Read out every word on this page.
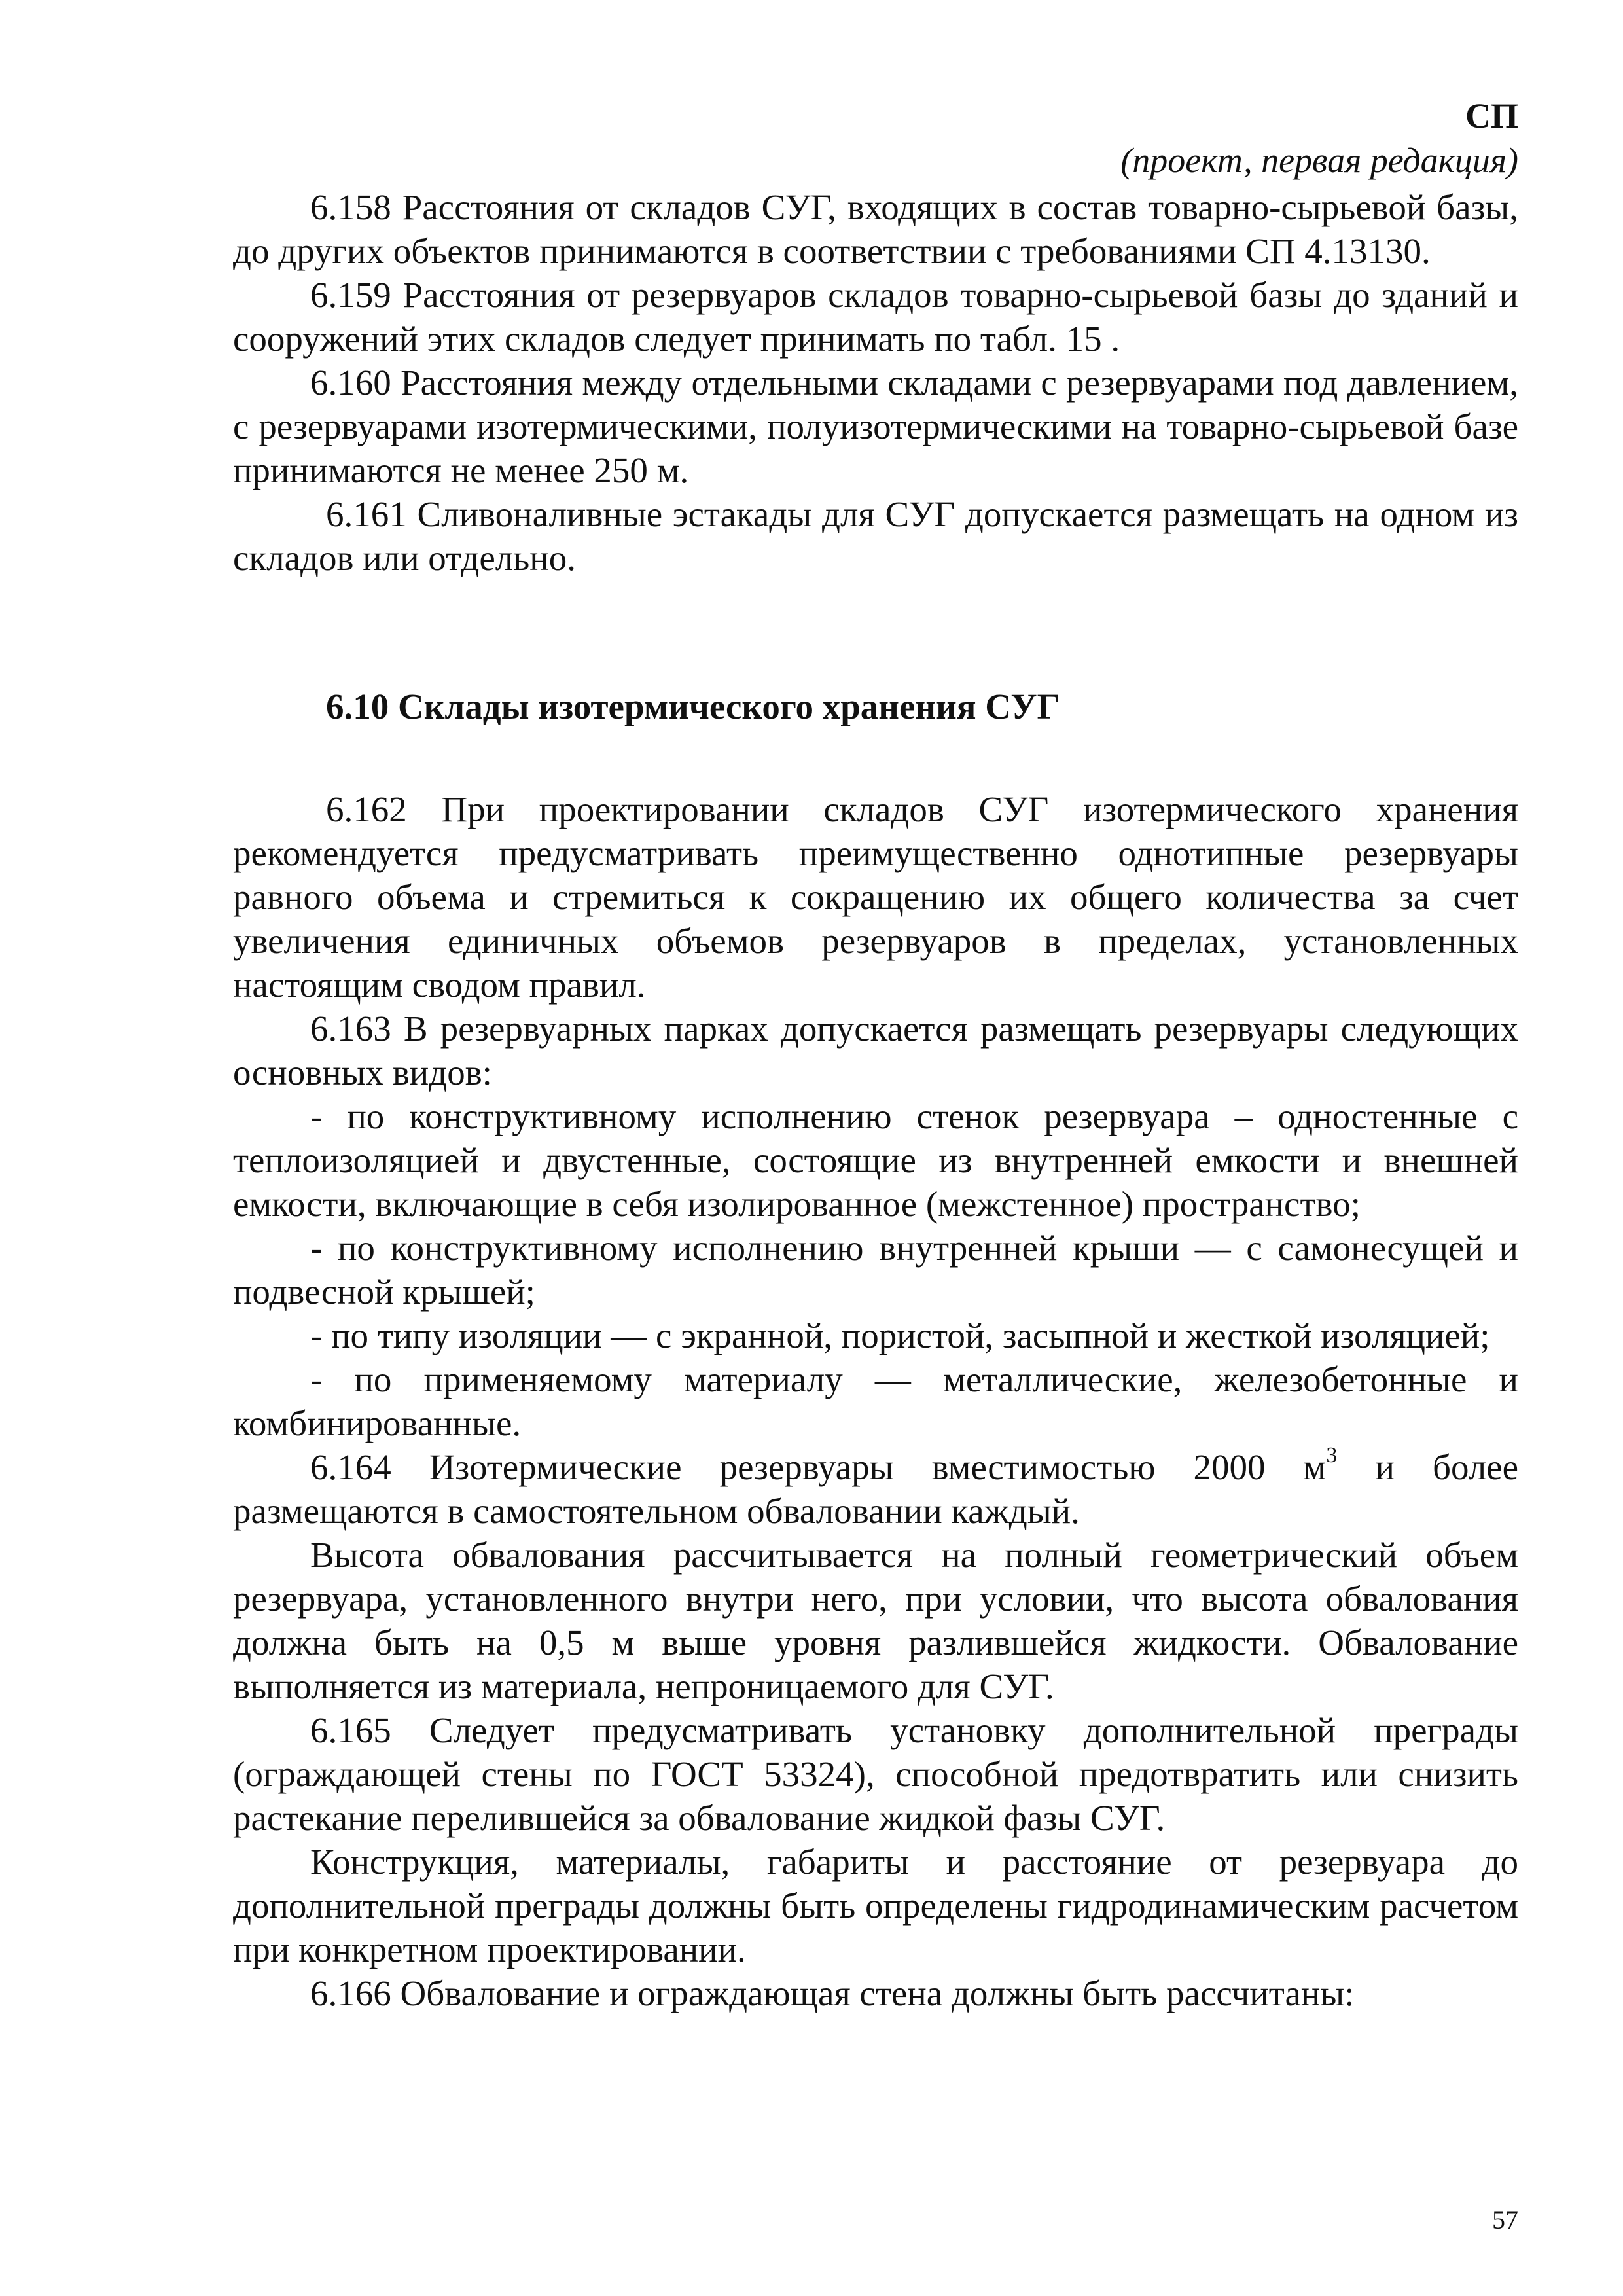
СП
(проект, первая редакция)

6.158 Расстояния от складов СУГ, входящих в состав товарно-сырьевой базы, до других объектов принимаются в соответствии с требованиями СП 4.13130.

6.159 Расстояния от резервуаров складов товарно-сырьевой базы до зданий и сооружений этих складов следует принимать по табл. 15 .

6.160 Расстояния между отдельными складами с резервуарами под давлением, с резервуарами изотермическими, полуизотермическими на товарно-сырьевой базе принимаются не менее 250 м.

6.161 Сливоналивные эстакады для СУГ допускается размещать на одном из складов или отдельно.

6.10 Склады изотермического хранения СУГ

6.162 При проектировании складов СУГ изотермического хранения рекомендуется предусматривать преимущественно однотипные резервуары равного объема и стремиться к сокращению их общего количества за счет увеличения единичных объемов резервуаров в пределах, установленных настоящим сводом правил.

6.163 В резервуарных парках допускается размещать резервуары следующих основных видов:

- по конструктивному исполнению стенок резервуара – одностенные с теплоизоляцией и двустенные, состоящие из внутренней емкости и внешней емкости, включающие в себя изолированное (межстенное) пространство;

- по конструктивному исполнению внутренней крыши — с самонесущей и подвесной крышей;

- по типу изоляции — с экранной, пористой, засыпной и жесткой изоляцией;

- по применяемому материалу — металлические, железобетонные и комбинированные.

6.164 Изотермические резервуары вместимостью 2000 $м^3$ и более размещаются в самостоятельном обваловании каждый.

Высота обвалования рассчитывается на полный геометрический объем резервуара, установленного внутри него, при условии, что высота обвалования должна быть на 0,5 м выше уровня разлившейся жидкости. Обвалование выполняется из материала, непроницаемого для СУГ.

6.165 Следует предусматривать установку дополнительной преграды (ограждающей стены по ГОСТ 53324), способной предотвратить или снизить растекание перелившейся за обвалование жидкой фазы СУГ.

Конструкция, материалы, габариты и расстояние от резервуара до дополнительной преграды должны быть определены гидродинамическим расчетом при конкретном проектировании.

6.166 Обвалование и ограждающая стена должны быть рассчитаны:

57
